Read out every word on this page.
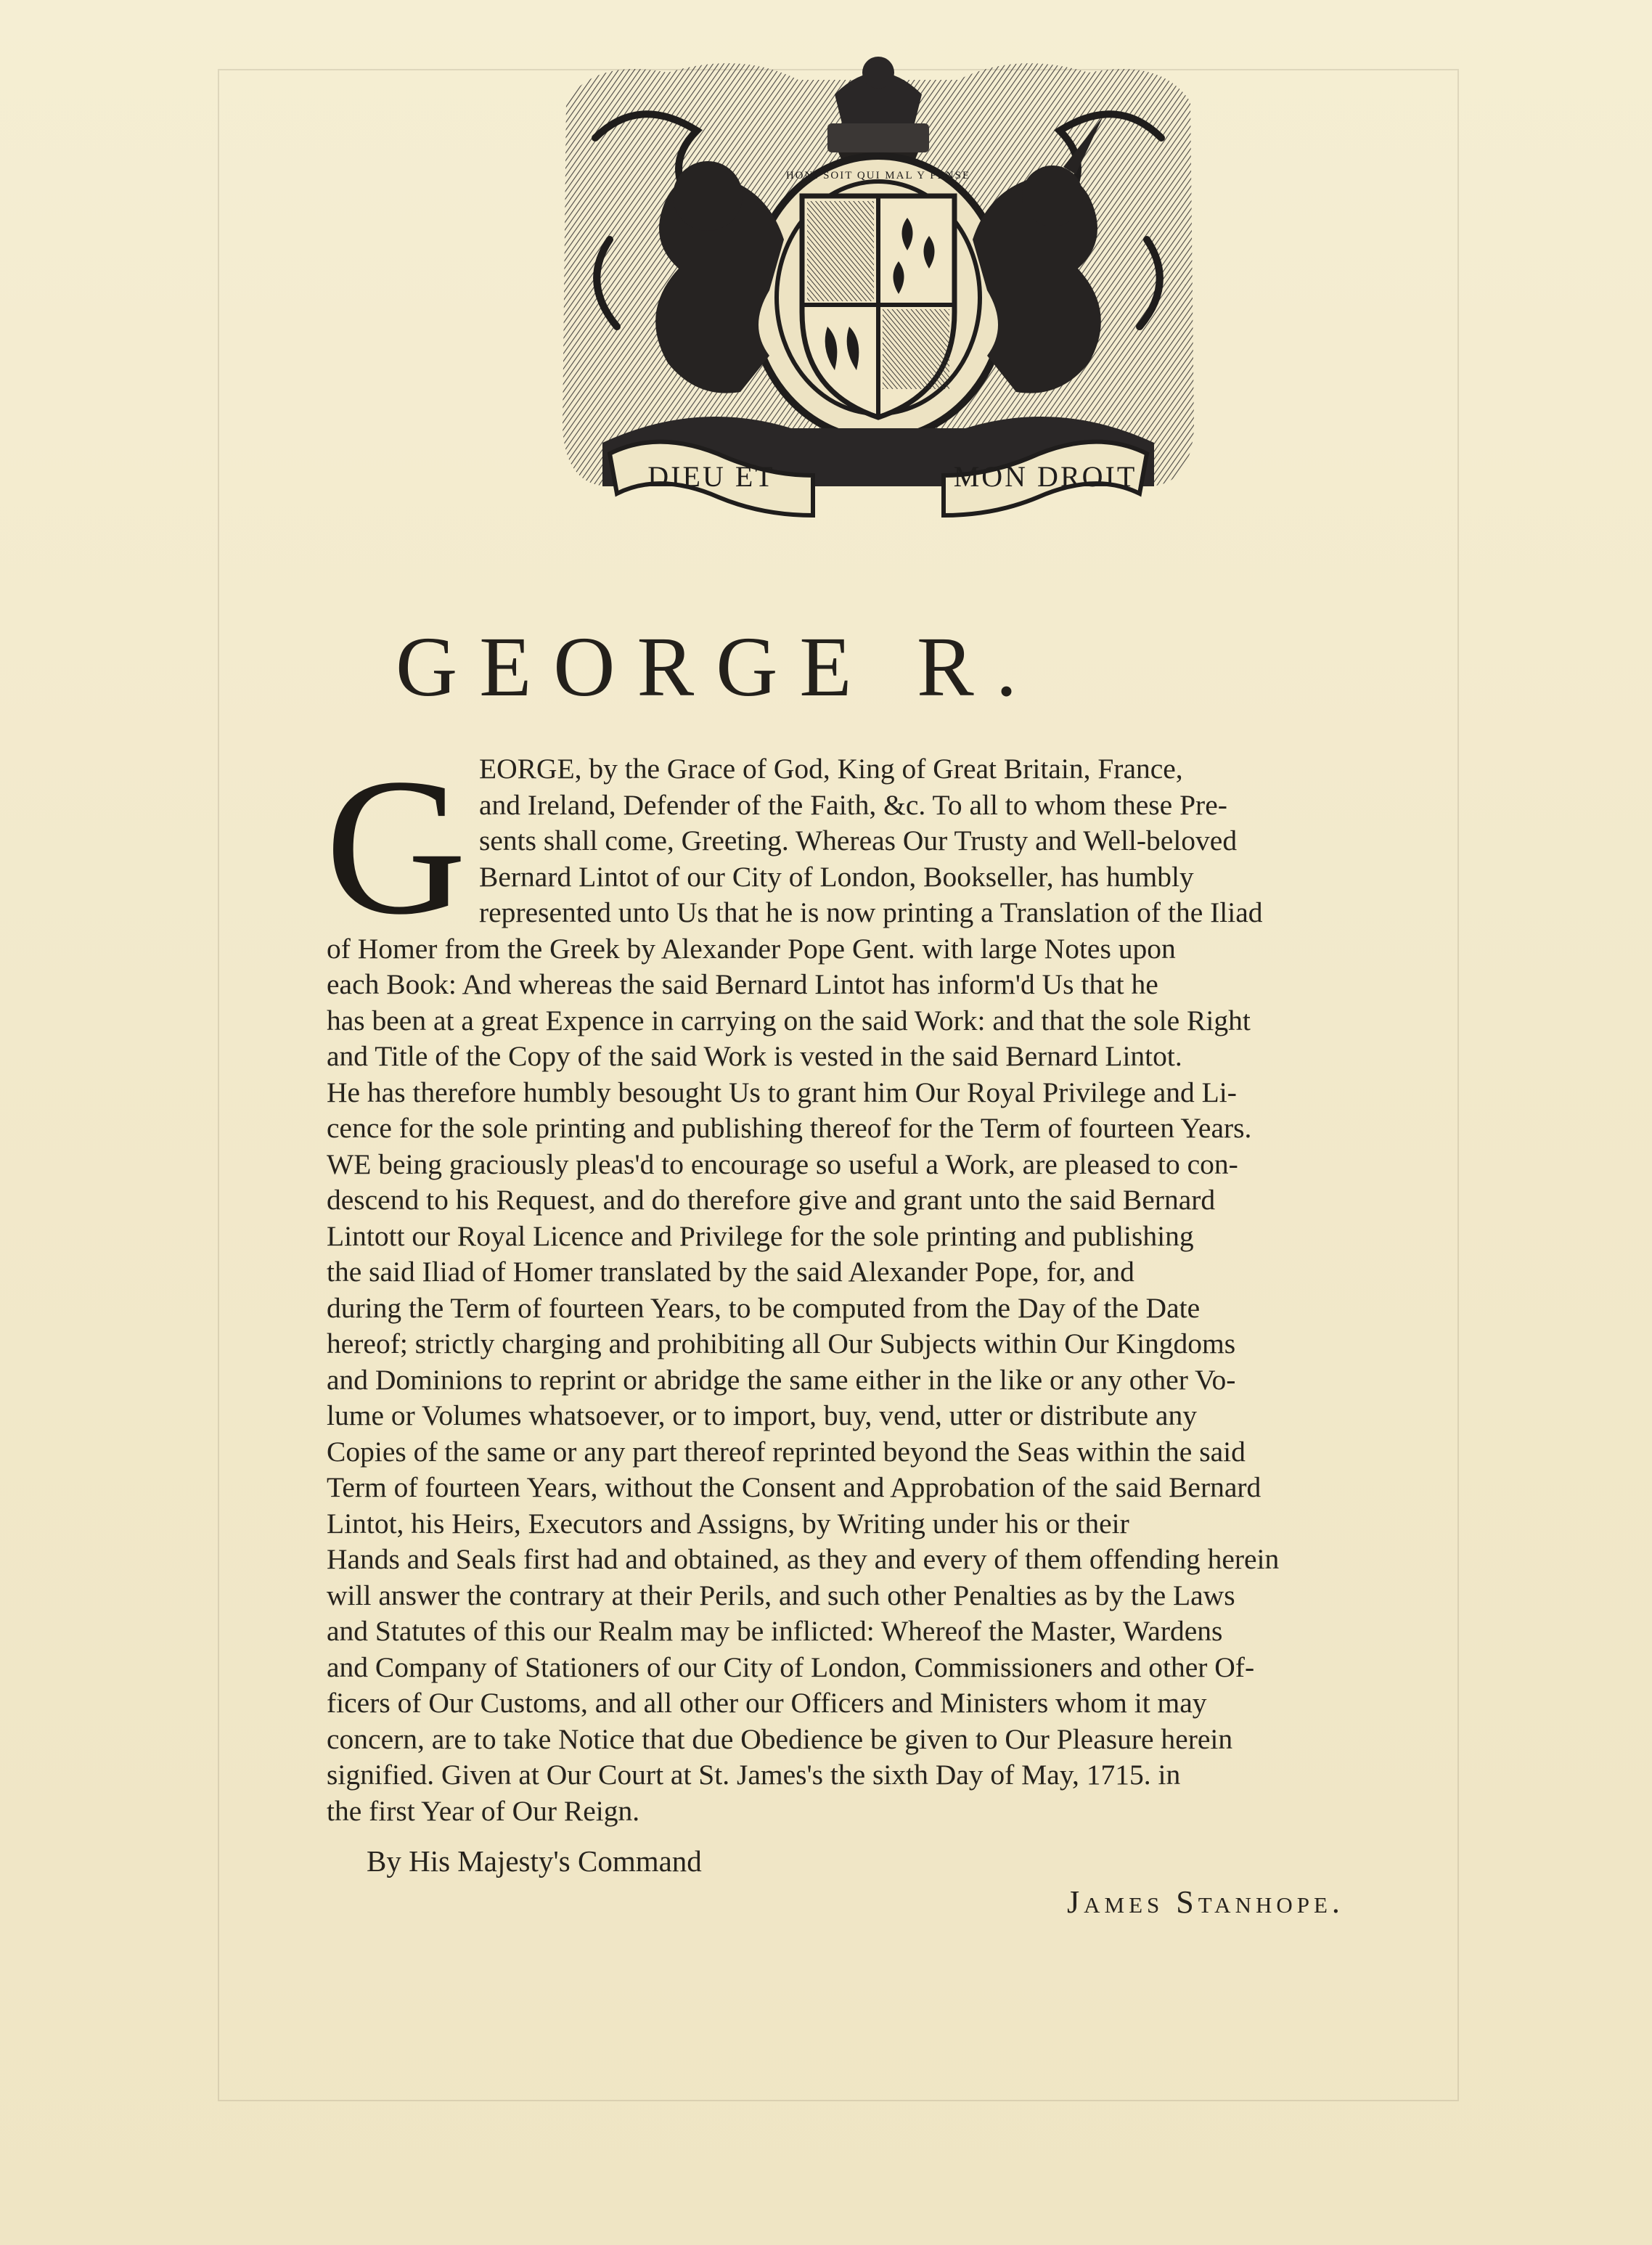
DIEU ET	MON DROIT
HONI SOIT QUI MAL Y PENSE
GEORGE R.
G EORGE, by the Grace of God, King of Great Britain, France,
and Ireland, Defender of the Faith, &c. To all to whom these Pre-
sents shall come, Greeting. Whereas Our Trusty and Well-beloved
Bernard Lintot of our City of London, Bookseller, has humbly
represented unto Us that he is now printing a Translation of the Iliad
of Homer from the Greek by Alexander Pope Gent. with large Notes upon
each Book: And whereas the said Bernard Lintot has inform'd Us that he
has been at a great Expence in carrying on the said Work: and that the sole Right
and Title of the Copy of the said Work is vested in the said Bernard Lintot.
He has therefore humbly besought Us to grant him Our Royal Privilege and Li-
cence for the sole printing and publishing thereof for the Term of fourteen Years.
WE being graciously pleas'd to encourage so useful a Work, are pleased to con-
descend to his Request, and do therefore give and grant unto the said Bernard
Lintott our Royal Licence and Privilege for the sole printing and publishing
the said Iliad of Homer translated by the said Alexander Pope, for, and
during the Term of fourteen Years, to be computed from the Day of the Date
hereof; strictly charging and prohibiting all Our Subjects within Our Kingdoms
and Dominions to reprint or abridge the same either in the like or any other Vo-
lume or Volumes whatsoever, or to import, buy, vend, utter or distribute any
Copies of the same or any part thereof reprinted beyond the Seas within the said
Term of fourteen Years, without the Consent and Approbation of the said Bernard
Lintot, his Heirs, Executors and Assigns, by Writing under his or their
Hands and Seals first had and obtained, as they and every of them offending herein
will answer the contrary at their Perils, and such other Penalties as by the Laws
and Statutes of this our Realm may be inflicted: Whereof the Master, Wardens
and Company of Stationers of our City of London, Commissioners and other Of-
ficers of Our Customs, and all other our Officers and Ministers whom it may
concern, are to take Notice that due Obedience be given to Our Pleasure herein
signified. Given at Our Court at St. James's the sixth Day of May, 1715. in
the first Year of Our Reign.
By His Majesty's Command
James Stanhope.
